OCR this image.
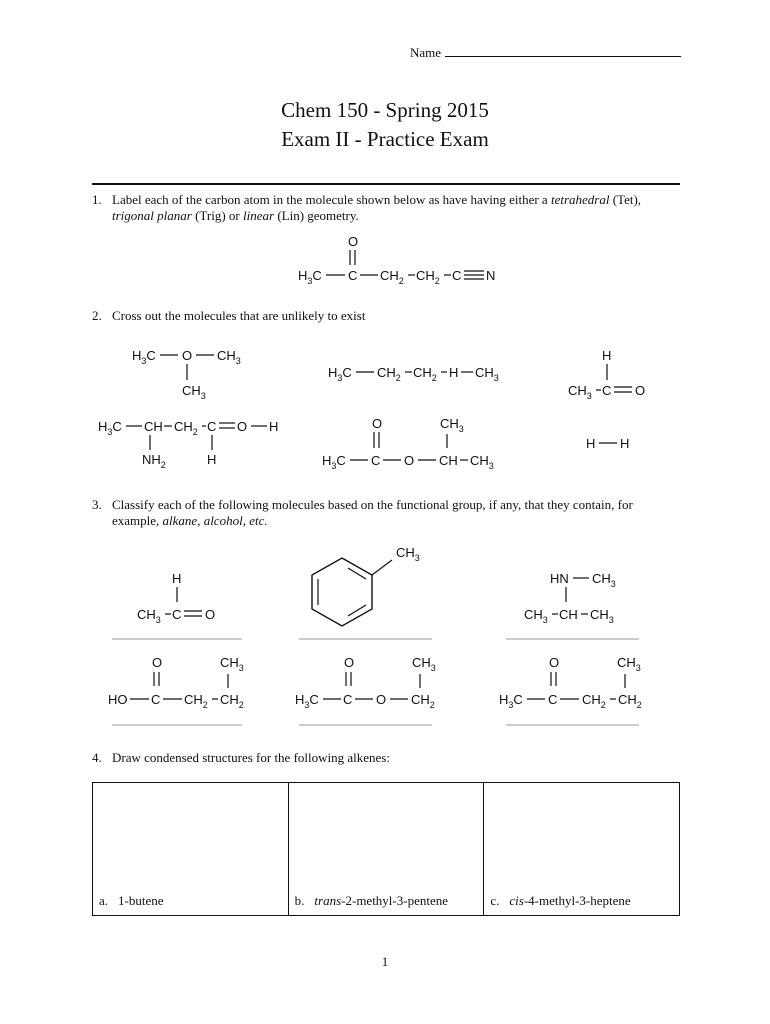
Name
Chem 150 - Spring 2015
Exam II - Practice Exam
1. Label each of the carbon atom in the molecule shown below as have having either a tetrahedral (Tet),
trigonal planar (Trig) or linear (Lin) geometry.
O
$H_3C$ C $CH_2$ $CH_2$ C N
2. Cross out the molecules that are unlikely to exist
$H_3C$ O $CH_3$
$CH_3$
$H_3C$ $CH_2$ $CH_2$ H $CH_3$
H
$CH_3$ C O
$H_3C$ CH $CH_2$ C O H
$NH_2$	H
O	$CH_3$
$H_3C$ C O CH $CH_3$
H H
3. Classify each of the following molecules based on the functional group, if any, that they contain, for
example, alkane, alcohol, etc.
H
$CH_3$ C O
$CH_3$
HN $CH_3$
$CH_3$ CH $CH_3$
O	$CH_3$
HO C $CH_2$ $CH_2$
O	$CH_3$
$H_3C$ C O $CH_2$
O	$CH_3$
$H_3C$ C $CH_2$ $CH_2$
4. Draw condensed structures for the following alkenes:
a. 1-butene	b. trans-2-methyl-3-pentene	c. cis-4-methyl-3-heptene
1
